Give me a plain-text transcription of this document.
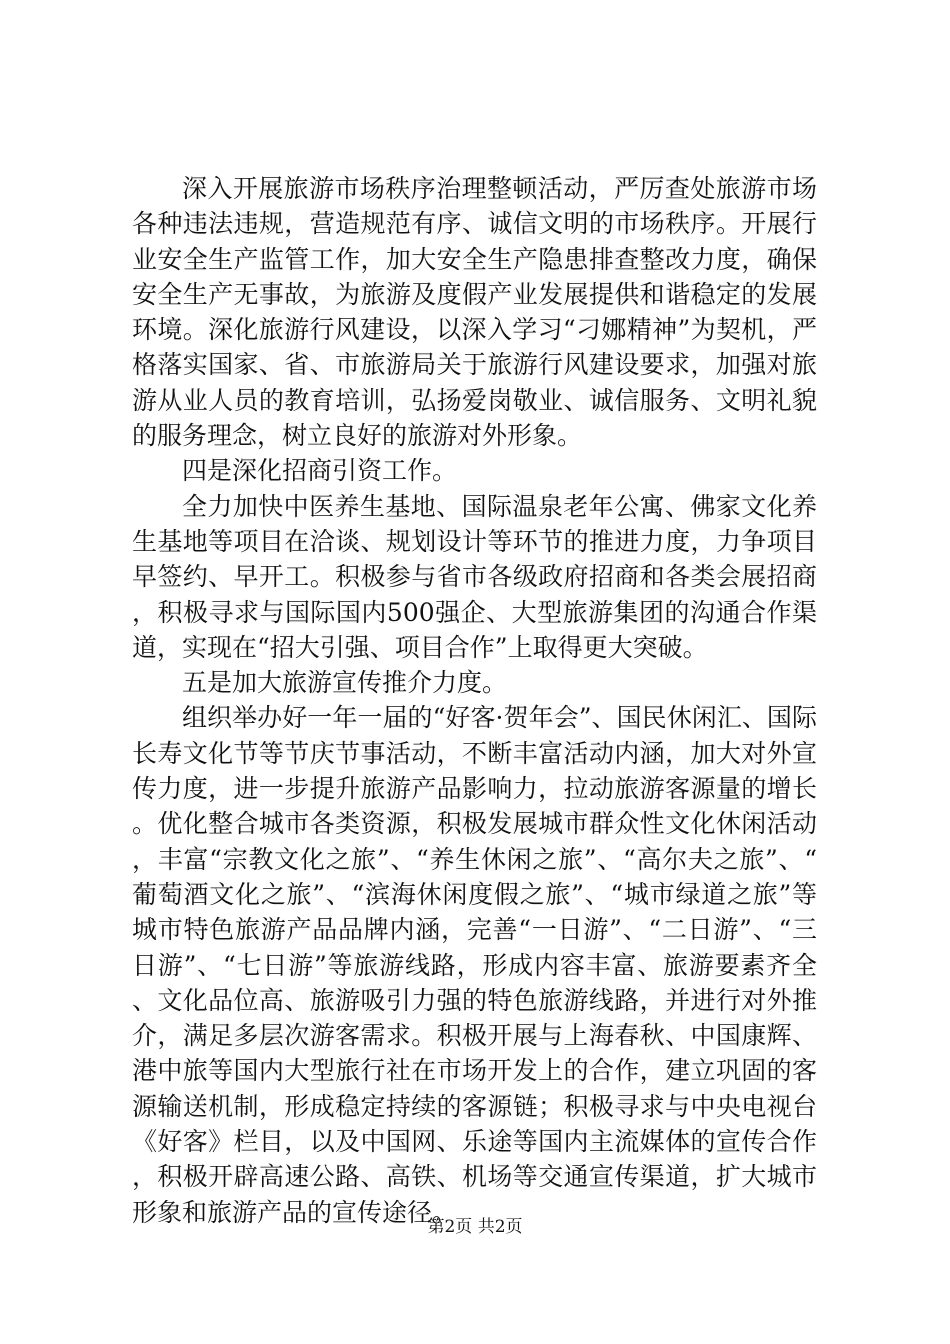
深入开展旅游市场秩序治理整顿活动，严厉查处旅游市场各种违法违规，营造规范有序、诚信文明的市场秩序。开展行业安全生产监管工作，加大安全生产隐患排查整改力度，确保安全生产无事故，为旅游及度假产业发展提供和谐稳定的发展环境。深化旅游行风建设，以深入学习“刁娜精神”为契机，严格落实国家、省、市旅游局关于旅游行风建设要求，加强对旅游从业人员的教育培训，弘扬爱岗敬业、诚信服务、文明礼貌的服务理念，树立良好的旅游对外形象。

四是深化招商引资工作。

全力加快中医养生基地、国际温泉老年公寓、佛家文化养生基地等项目在洽谈、规划设计等环节的推进力度，力争项目早签约、早开工。积极参与省市各级政府招商和各类会展招商，积极寻求与国际国内500强企、大型旅游集团的沟通合作渠道，实现在“招大引强、项目合作”上取得更大突破。

五是加大旅游宣传推介力度。

组织举办好一年一届的“好客·贺年会”、国民休闲汇、国际长寿文化节等节庆节事活动，不断丰富活动内涵，加大对外宣传力度，进一步提升旅游产品影响力，拉动旅游客源量的增长。优化整合城市各类资源，积极发展城市群众性文化休闲活动，丰富“宗教文化之旅”、“养生休闲之旅”、“高尔夫之旅”、“葡萄酒文化之旅”、“滨海休闲度假之旅”、“城市绿道之旅”等城市特色旅游产品品牌内涵，完善“一日游”、“二日游”、“三日游”、“七日游”等旅游线路，形成内容丰富、旅游要素齐全、文化品位高、旅游吸引力强的特色旅游线路，并进行对外推介，满足多层次游客需求。积极开展与上海春秋、中国康辉、港中旅等国内大型旅行社在市场开发上的合作，建立巩固的客源输送机制，形成稳定持续的客源链；积极寻求与中央电视台《好客》栏目，以及中国网、乐途等国内主流媒体的宣传合作，积极开辟高速公路、高铁、机场等交通宣传渠道，扩大城市形象和旅游产品的宣传途径。

第2页 共2页
